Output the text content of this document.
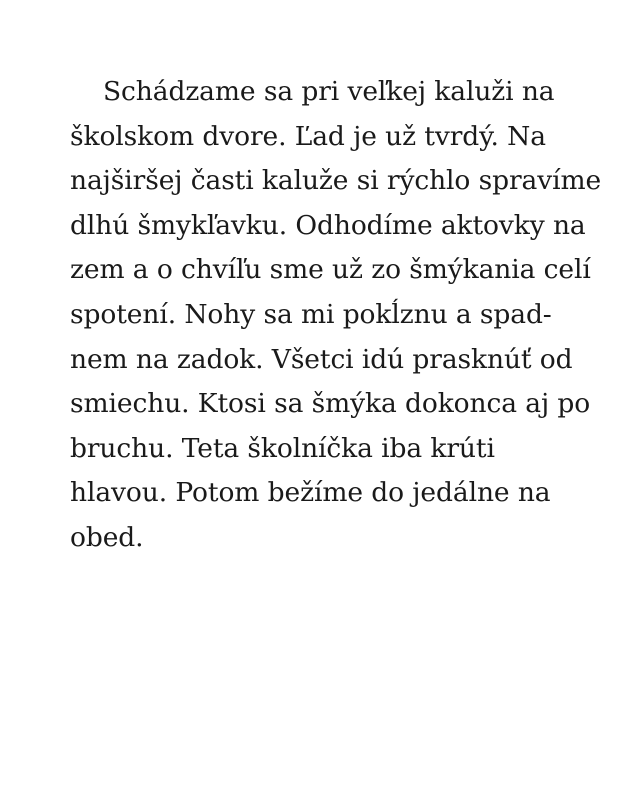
Schádzame sa pri veľkej kaluži na
školskom dvore. Ľad je už tvrdý. Na
najširšej časti kaluže si rýchlo spravíme
dlhú šmykľavku. Odhodíme aktovky na
zem a o chvíľu sme už zo šmýkania celí
spotení. Nohy sa mi pokĺznu a spad-
nem na zadok. Všetci idú prasknúť od
smiechu. Ktosi sa šmýka dokonca aj po
bruchu. Teta školníčka iba krúti
hlavou. Potom bežíme do jedálne na
obed.
